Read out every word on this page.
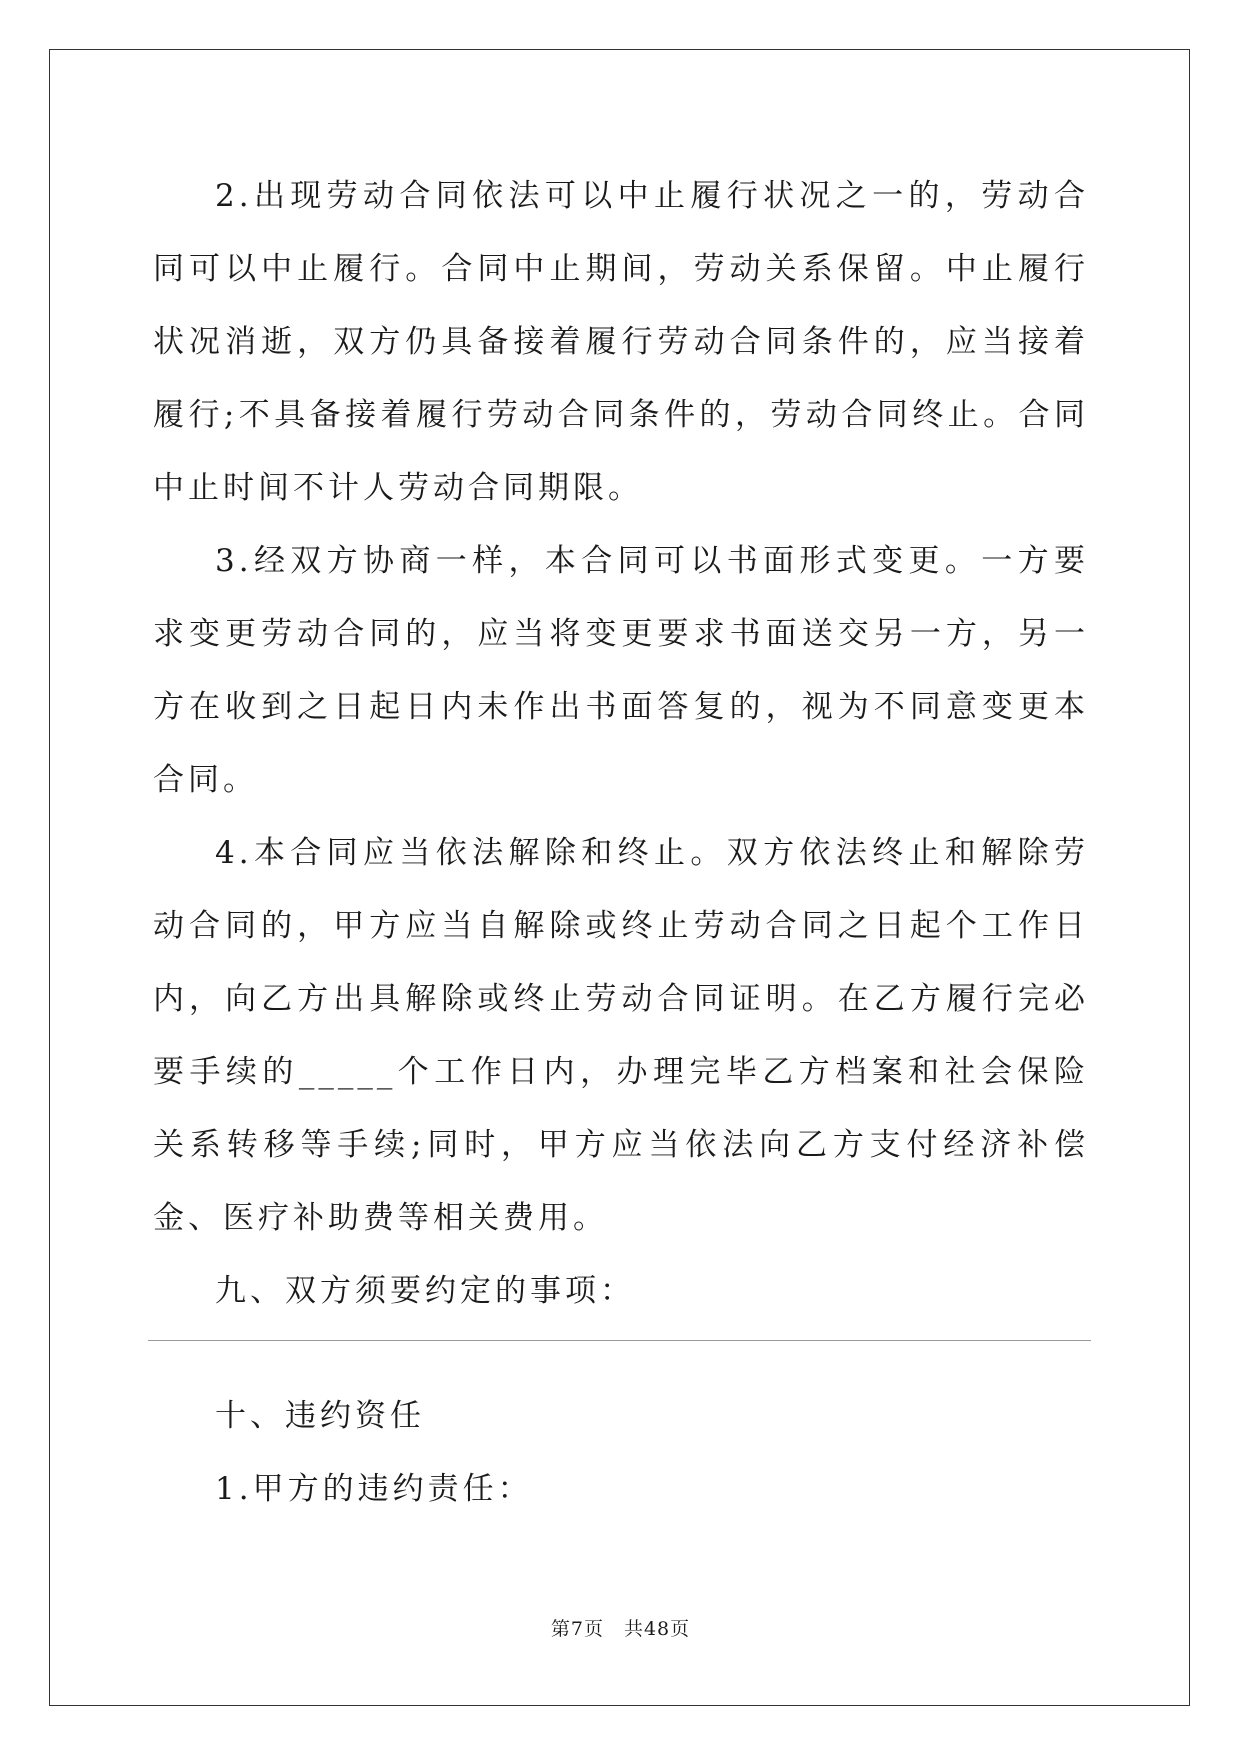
2.出现劳动合同依法可以中止履行状况之一的，劳动合同可以中止履行。合同中止期间，劳动关系保留。中止履行状况消逝，双方仍具备接着履行劳动合同条件的，应当接着履行;不具备接着履行劳动合同条件的，劳动合同终止。合同中止时间不计人劳动合同期限。

3.经双方协商一样，本合同可以书面形式变更。一方要求变更劳动合同的，应当将变更要求书面送交另一方，另一方在收到之日起日内未作出书面答复的，视为不同意变更本合同。

4.本合同应当依法解除和终止。双方依法终止和解除劳动合同的，甲方应当自解除或终止劳动合同之日起个工作日内，向乙方出具解除或终止劳动合同证明。在乙方履行完必要手续的_____个工作日内，办理完毕乙方档案和社会保险关系转移等手续;同时，甲方应当依法向乙方支付经济补偿金、医疗补助费等相关费用。

九、双方须要约定的事项：

十、违约资任

1.甲方的违约责任：

第7页　共48页
